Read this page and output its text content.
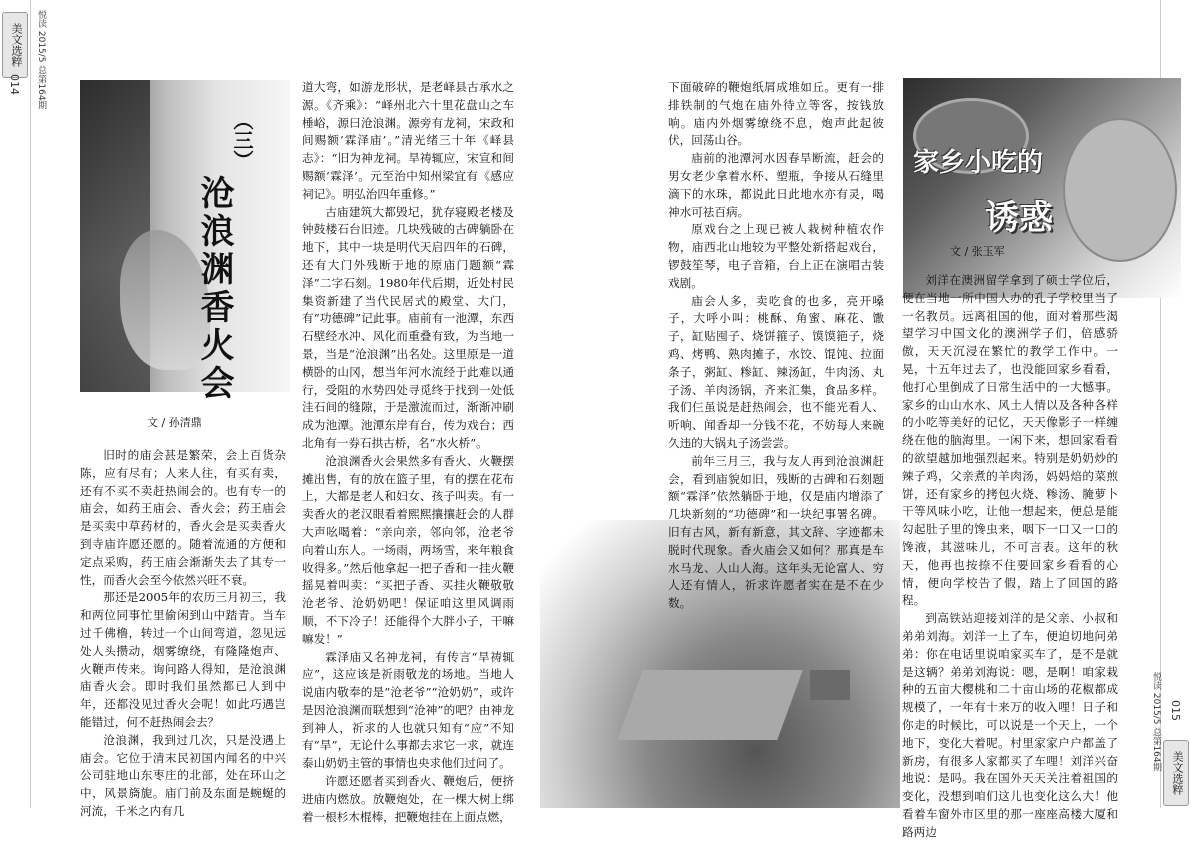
美文选粹
014 悦读 2015/5 总第164期
美文选粹
015
悦读 2015/5 总第164期
（三）
沧浪渊香火会
文 / 孙清鼎
家乡小吃的
诱惑
文 / 张玉军

旧时的庙会甚是繁荣，会上百货杂陈，应有尽有；人来人往，有买有卖，还有不买不卖赶热闹会的。也有专一的庙会，如药王庙会、香火会；药王庙会是买卖中草药材的，香火会是买卖香火到寺庙许愿还愿的。随着流通的方便和定点采购，药王庙会渐渐失去了其专一性，而香火会至今依然兴旺不衰。

那还是2005年的农历三月初三，我和两位同事忙里偷闲到山中踏青。当车过千佛橹，转过一个山间弯道，忽见远处人头攒动，烟雾缭绕，有隆隆炮声、火鞭声传来。询问路人得知，是沧浪渊庙香火会。即时我们虽然都已人到中年，还都没见过香火会呢！如此巧遇岂能错过，何不赶热闹会去？

沧浪渊，我到过几次，只是没遇上庙会。它位于清末民初国内闻名的中兴公司驻地山东枣庄的北部，处在环山之中，风景旖旎。庙门前及东面是蜿蜒的河流，千米之内有几

道大弯，如游龙形状，是老峄县古承水之源。《齐乘》：“峄州北六十里花盘山之车棰峪，源曰沧浪渊。源旁有龙祠，宋政和间赐额‘霖泽庙’。”清光绪三十年《峄县志》：“旧为神龙祠。旱祷辄应，宋宣和间赐额‘霖泽’。元至治中知州梁宜有《感应祠记》。明弘治四年重修。”

古庙建筑大都毁圮，犹存寝殿老楼及钟鼓楼石台旧迹。几块残破的古碑躺卧在地下，其中一块是明代天启四年的石碑，还有大门外残断于地的原庙门题额“霖泽”二字石刻。1980年代后期，近处村民集资新建了当代民居式的殿堂、大门，有“功德碑”记此事。庙前有一池潭，东西石壁经水冲、风化而重叠有致，为当地一景，当是“沧浪渊”出名处。这里原是一道横卧的山冈，想当年河水流经于此难以通行，受阻的水势四处寻觅终于找到一处低洼石间的缝隙，于是激流而过，渐渐冲刷成为池潭。池潭东岸有台，传为戏台；西北角有一券石拱古桥，名“水火桥”。

沧浪渊香火会果然多有香火、火鞭摆摊出售，有的放在篮子里，有的摆在花布上，大都是老人和妇女、孩子叫卖。有一卖香火的老汉眼看着熙熙攘攘赶会的人群大声吆喝着：“亲向亲，邻向邻，沧老爷向着山东人。一场雨，两场雪，来年粮食收得多。”然后他拿起一把子香和一挂火鞭摇晃着叫卖：“买把子香、买挂火鞭敬敬沧老爷、沧奶奶吧！保证咱这里风调雨顺，不下冷子！还能得个大胖小子，干嘛嘛发！”

霖泽庙又名神龙祠，有传言“旱祷辄应”，这应该是祈雨敬龙的场地。当地人说庙内敬奉的是“沧老爷”“沧奶奶”，或许是因沧浪渊而联想到“沧神”的吧？由神龙到神人，祈求的人也就只知有“应”不知有“旱”，无论什么事都去求它一求，就连泰山奶奶主管的事情也央求他们过问了。

许愿还愿者买到香火、鞭炮后，便挤进庙内燃放。放鞭炮处，在一棵大树上绑着一根杉木棍棒，把鞭炮挂在上面点燃，

下面破碎的鞭炮纸屑成堆如丘。更有一排排铁制的气炮在庙外待立等客，按钱放响。庙内外烟雾缭绕不息，炮声此起彼伏，回荡山谷。

庙前的池潭河水因春旱断流，赶会的男女老少拿着水杯、塑瓶，争接从石缝里滴下的水珠，都说此日此地水亦有灵，喝神水可祛百病。

原戏台之上现已被人栽树种植农作物，庙西北山地较为平整处新搭起戏台，锣鼓笙琴，电子音箱，台上正在演唱古装戏剧。

庙会人多，卖吃食的也多，亮开嗓子，大呼小叫：桃酥、角蜜、麻花、馓子，缸贴囤子、烧饼箍子、馍馍筢子，烧鸡、烤鸭、熟肉摊子，水饺、馄饨、拉面条子，粥缸、糁缸、辣汤缸，牛肉汤、丸子汤、羊肉汤锅，齐来汇集，食品多样。我们仨虽说是赶热闹会，也不能光看人、听响、闻香却一分钱不花，不妨每人来碗久违的大锅丸子汤尝尝。

前年三月三，我与友人再到沧浪渊赶会，看到庙貌如旧，残断的古碑和石刻题额“霖泽”依然躺卧于地，仅是庙内增添了几块新刻的“功德碑”和一块纪事署名碑。旧有古风，新有新意，其文辞、字迹都未脱时代现象。香火庙会又如何？那真是车水马龙、人山人海。这年头无论富人、穷人还有情人，祈求许愿者实在是不在少数。

刘洋在澳洲留学拿到了硕士学位后，便在当地一所中国人办的孔子学校里当了一名教员。远离祖国的他，面对着那些渴望学习中国文化的澳洲学子们，倍感骄傲，天天沉浸在繁忙的教学工作中。一晃，十五年过去了，也没能回家乡看看，他打心里倒成了日常生活中的一大憾事。家乡的山山水水、风土人情以及各种各样的小吃等美好的记忆，天天像影子一样缠绕在他的脑海里。一闲下来，想回家看看的欲望越加地强烈起来。特别是奶奶炒的辣子鸡，父亲煮的羊肉汤，妈妈焙的菜煎饼，还有家乡的拷包火烧、糁汤、腌萝卜干等风味小吃，让他一想起来，便总是能勾起肚子里的馋虫来，咽下一口又一口的馋液，其滋味儿，不可言表。这年的秋天，他再也按捺不住要回家乡看看的心情，便向学校告了假，踏上了回国的路程。

到高铁站迎接刘洋的是父亲、小叔和弟弟刘海。刘洋一上了车，便迫切地问弟弟：你在电话里说咱家买车了，是不是就是这辆？弟弟刘海说：嗯，是啊！咱家栽种的五亩大樱桃和二十亩山场的花椒都成规模了，一年有十来万的收入哩！日子和你走的时候比，可以说是一个天上，一个地下，变化大着呢。村里家家户户都盖了新房，有很多人家都买了车哩！刘洋兴奋地说：是吗。我在国外天天关注着祖国的变化，没想到咱们这儿也变化这么大！他看着车窗外市区里的那一座座高楼大厦和路两边
